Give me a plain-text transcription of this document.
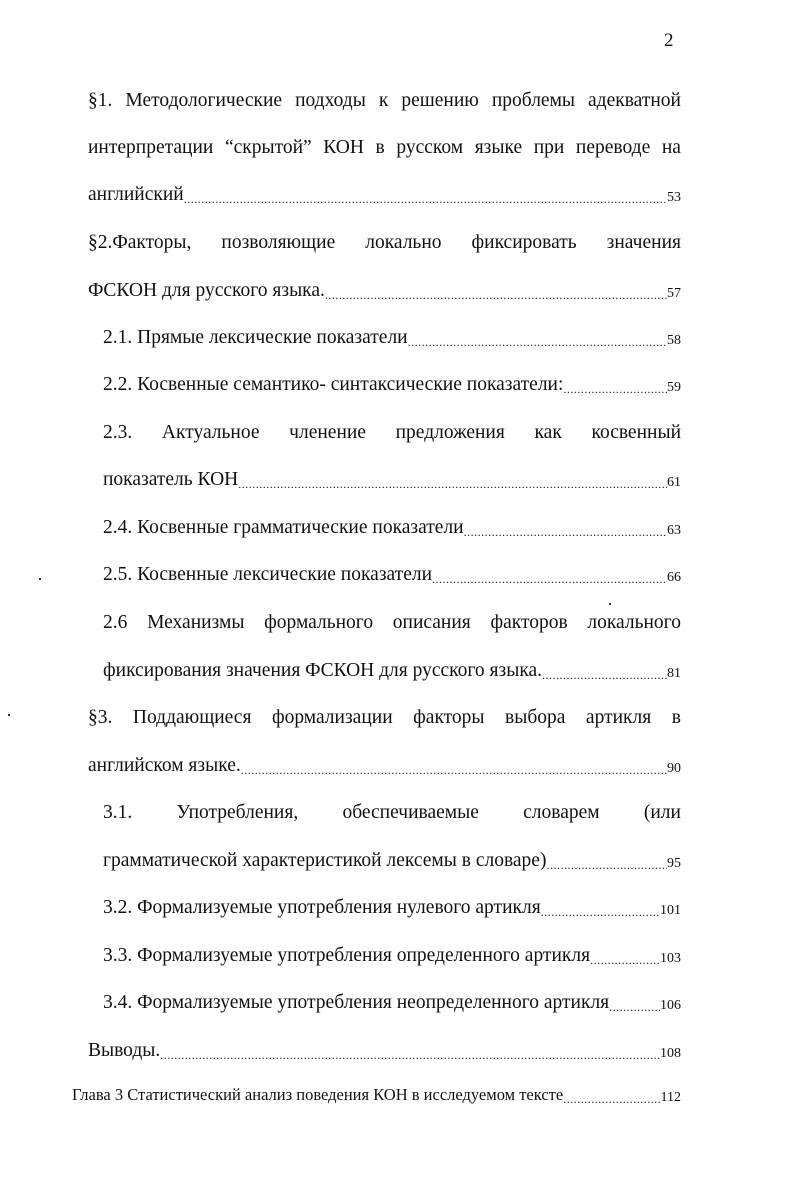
2
§1. Методологические подходы к решению проблемы адекватной
интерпретации “скрытой” КОН в русском языке при переводе на
английский .....	53
§2.Факторы, позволяющие локально фиксировать значения
ФСКОН для русского языка. .....	57
2.1. Прямые лексические показатели .....	58
2.2. Косвенные семантико- синтаксические показатели: .....	59
2.3. Актуальное членение предложения как косвенный
показатель КОН .....	61
2.4. Косвенные грамматические показатели .....	63
2.5. Косвенные лексические показатели .....	66
2.6 Механизмы формального описания факторов локального
фиксирования значения ФСКОН для русского языка. .....	81
§3. Поддающиеся формализации факторы выбора артикля в
английском языке. .....	90
3.1. Употребления, обеспечиваемые словарем (или
грамматической характеристикой лексемы в словаре) .....	95
3.2. Формализуемые употребления нулевого артикля .....	101
3.3. Формализуемые употребления определенного артикля .....	103
3.4. Формализуемые употребления неопределенного артикля .....	106
Выводы. .....	108
Глава 3 Статистический анализ поведения КОН в исследуемом тексте .....	112
